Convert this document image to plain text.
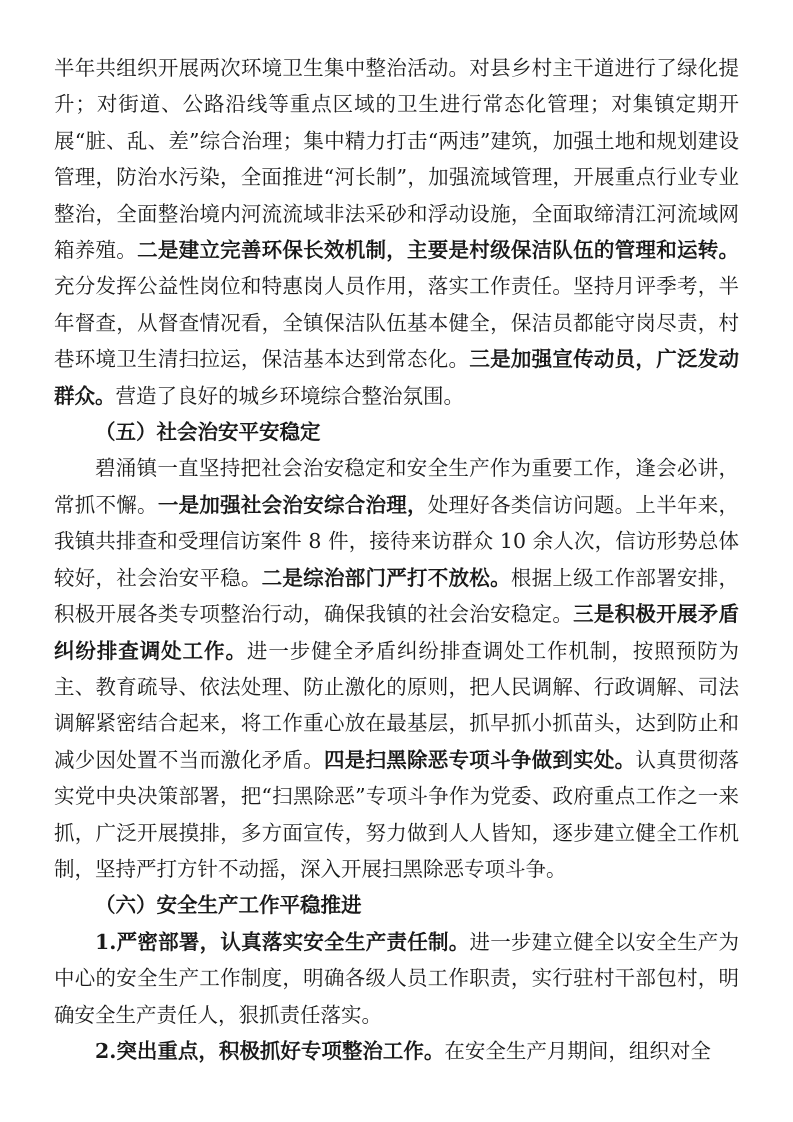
半年共组织开展两次环境卫生集中整治活动。对县乡村主干道进行了绿化提升；对街道、公路沿线等重点区域的卫生进行常态化管理；对集镇定期开展“脏、乱、差”综合治理；集中精力打击“两违”建筑，加强土地和规划建设管理，防治水污染，全面推进“河长制”，加强流域管理，开展重点行业专业整治，全面整治境内河流流域非法采砂和浮动设施，全面取缔清江河流域网箱养殖。二是建立完善环保长效机制，主要是村级保洁队伍的管理和运转。充分发挥公益性岗位和特惠岗人员作用，落实工作责任。坚持月评季考，半年督查，从督查情况看，全镇保洁队伍基本健全，保洁员都能守岗尽责，村巷环境卫生清扫拉运，保洁基本达到常态化。三是加强宣传动员，广泛发动群众。营造了良好的城乡环境综合整治氛围。

（五）社会治安平安稳定

碧涌镇一直坚持把社会治安稳定和安全生产作为重要工作，逢会必讲，常抓不懈。一是加强社会治安综合治理，处理好各类信访问题。上半年来，我镇共排查和受理信访案件 8 件，接待来访群众 10 余人次，信访形势总体较好，社会治安平稳。二是综治部门严打不放松。根据上级工作部署安排，积极开展各类专项整治行动，确保我镇的社会治安稳定。三是积极开展矛盾纠纷排查调处工作。进一步健全矛盾纠纷排查调处工作机制，按照预防为主、教育疏导、依法处理、防止激化的原则，把人民调解、行政调解、司法调解紧密结合起来，将工作重心放在最基层，抓早抓小抓苗头，达到防止和减少因处置不当而激化矛盾。四是扫黑除恶专项斗争做到实处。认真贯彻落实党中央决策部署，把“扫黑除恶”专项斗争作为党委、政府重点工作之一来抓，广泛开展摸排，多方面宣传，努力做到人人皆知，逐步建立健全工作机制，坚持严打方针不动摇，深入开展扫黑除恶专项斗争。

（六）安全生产工作平稳推进

1.严密部署，认真落实安全生产责任制。进一步建立健全以安全生产为中心的安全生产工作制度，明确各级人员工作职责，实行驻村干部包村，明确安全生产责任人，狠抓责任落实。

2.突出重点，积极抓好专项整治工作。在安全生产月期间，组织对全
